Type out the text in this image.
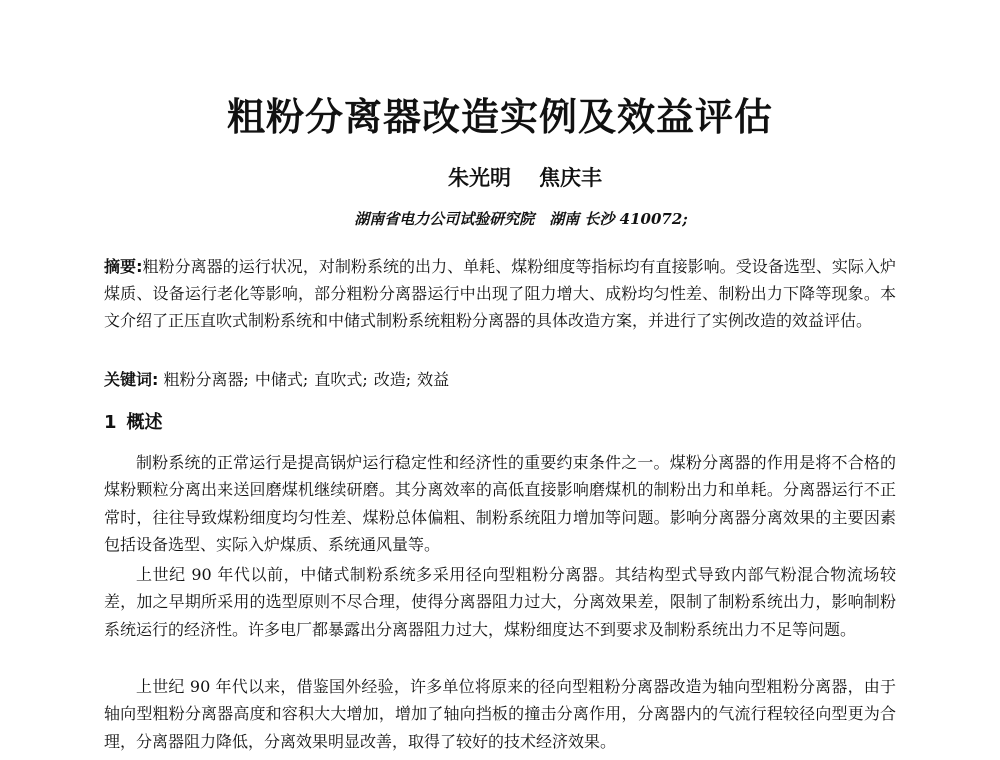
粗粉分离器改造实例及效益评估

朱光明 焦庆丰

湖南省电力公司试验研究院　湖南 长沙 410072;

摘要:粗粉分离器的运行状况，对制粉系统的出力、单耗、煤粉细度等指标均有直接影响。受设备选型、实际入炉煤质、设备运行老化等影响，部分粗粉分离器运行中出现了阻力增大、成粉均匀性差、制粉出力下降等现象。本文介绍了正压直吹式制粉系统和中储式制粉系统粗粉分离器的具体改造方案，并进行了实例改造的效益评估。

关键词: 粗粉分离器; 中储式; 直吹式; 改造; 效益

1 概述

制粉系统的正常运行是提高锅炉运行稳定性和经济性的重要约束条件之一。煤粉分离器的作用是将不合格的煤粉颗粒分离出来送回磨煤机继续研磨。其分离效率的高低直接影响磨煤机的制粉出力和单耗。分离器运行不正常时，往往导致煤粉细度均匀性差、煤粉总体偏粗、制粉系统阻力增加等问题。影响分离器分离效果的主要因素包括设备选型、实际入炉煤质、系统通风量等。

上世纪 90 年代以前，中储式制粉系统多采用径向型粗粉分离器。其结构型式导致内部气粉混合物流场较差，加之早期所采用的选型原则不尽合理，使得分离器阻力过大，分离效果差，限制了制粉系统出力，影响制粉系统运行的经济性。许多电厂都暴露出分离器阻力过大，煤粉细度达不到要求及制粉系统出力不足等问题。

上世纪 90 年代以来，借鉴国外经验，许多单位将原来的径向型粗粉分离器改造为轴向型粗粉分离器，由于轴向型粗粉分离器高度和容积大大增加，增加了轴向挡板的撞击分离作用，分离器内的气流行程较径向型更为合理，分离器阻力降低，分离效果明显改善，取得了较好的技术经济效果。
